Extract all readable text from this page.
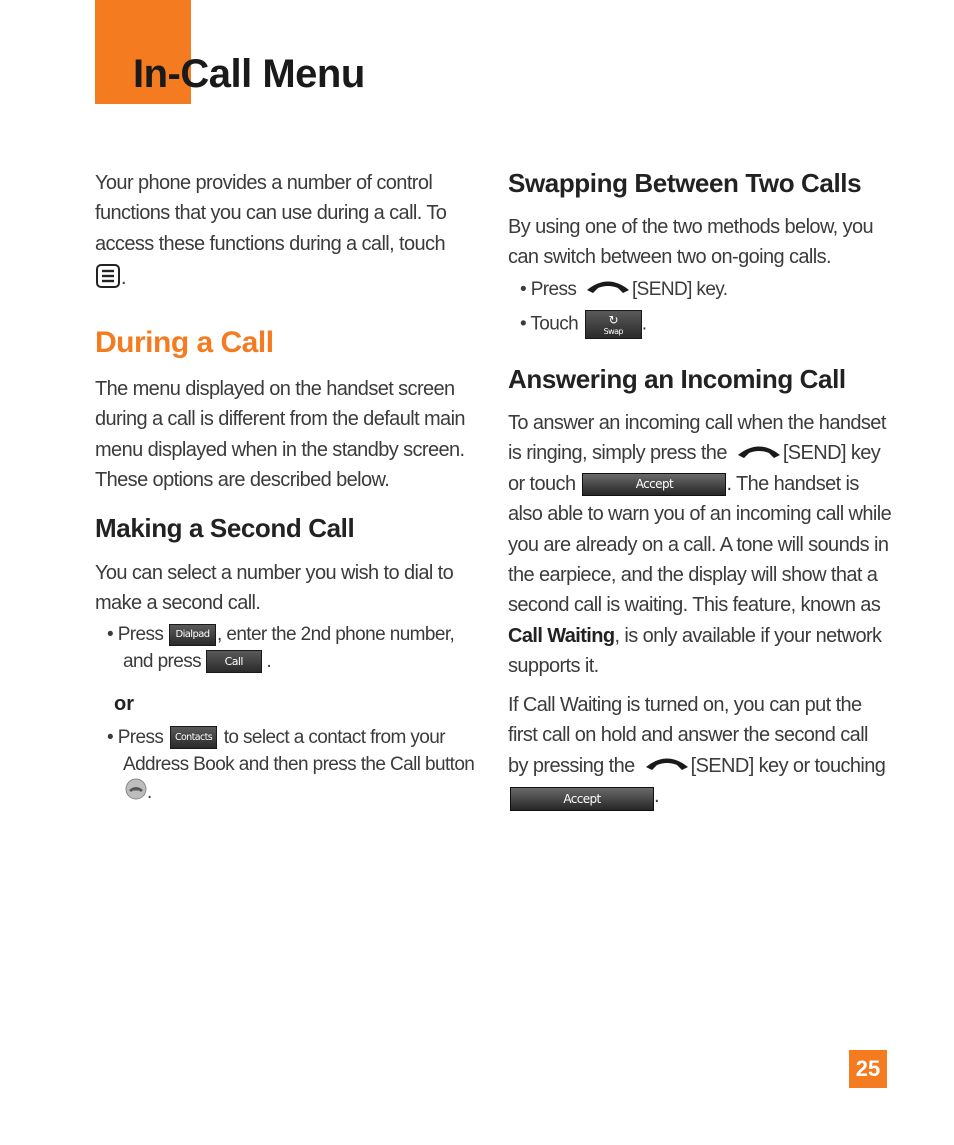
In-Call Menu
Your phone provides a number of control functions that you can use during a call. To access these functions during a call, touch
.
During a Call
The menu displayed on the handset screen during a call is different from the default main menu displayed when in the standby screen. These options are described below.
Making a Second Call
You can select a number you wish to dial to make a second call.
• Press Dialpad , enter the 2nd phone number,
and press Call .
or
• Press Contacts to select a contact from your
Address Book and then press the Call button
.
Swapping Between Two Calls
By using one of the two methods below, you can switch between two on-going calls.
• Press	[SEND] key.
• Touch	↻
Swap .
Answering an Incoming Call
To answer an incoming call when the handset
is ringing, simply press the	[SEND] key
or touch	Accept	. The handset is
also able to warn you of an incoming call while you are already on a call. A tone will sounds in the earpiece, and the display will show that a second call is waiting. This feature, known as Call Waiting, is only available if your network supports it.
If Call Waiting is turned on, you can put the
first call on hold and answer the second call
by pressing the	[SEND] key or touching
Accept	.
25
